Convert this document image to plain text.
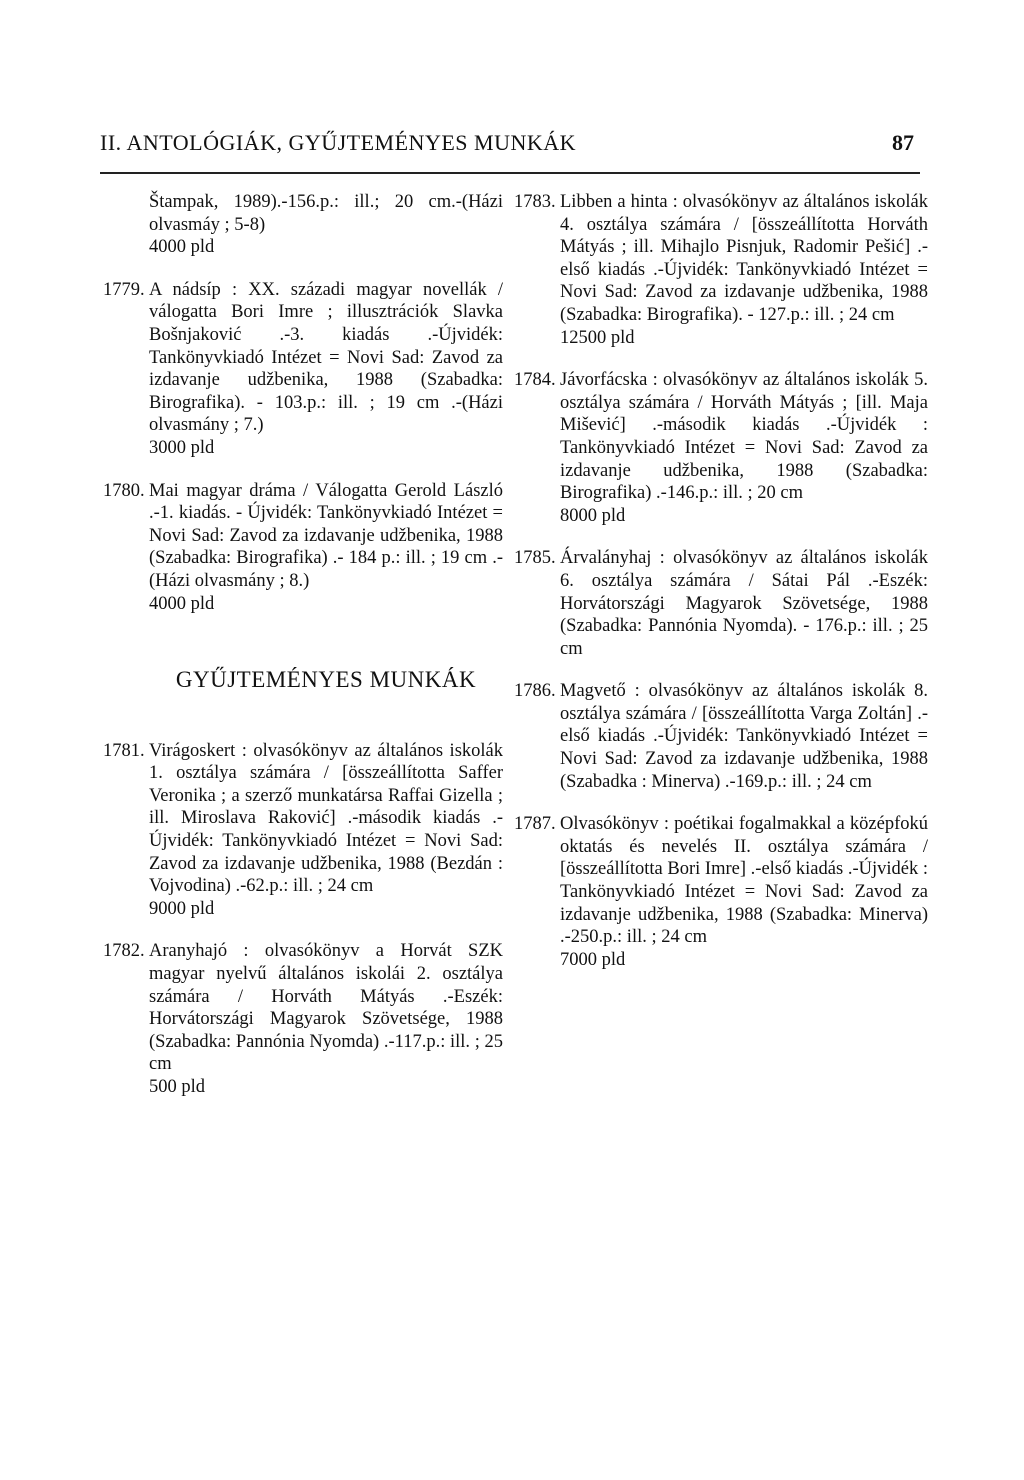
II. ANTOLÓGIÁK, GYŰJTEMÉNYES MUNKÁK	87
Štampak, 1989).-156.p.: ill.; 20 cm.-(Házi olvasmáy ; 5-8)
4000 pld
1779. A nádsíp : XX. századi magyar novellák / válogatta Bori Imre ; illusztrációk Slavka Bošnjaković .-3. kiadás .-Újvidék: Tankönyvkiadó Intézet = Novi Sad: Zavod za izdavanje udžbenika, 1988 (Szabadka: Birografika). - 103.p.: ill. ; 19 cm .-(Házi olvasmány ; 7.)
3000 pld
1780. Mai magyar dráma / Válogatta Gerold László .-1. kiadás. - Újvidék: Tankönyvkiadó Intézet = Novi Sad: Zavod za izdavanje udžbenika, 1988 (Szabadka: Birografika) .- 184 p.: ill. ; 19 cm .-(Házi olvasmány ; 8.)
4000 pld
GYŰJTEMÉNYES MUNKÁK
1781. Virágoskert : olvasókönyv az általános iskolák 1. osztálya számára / [összeállította Saffer Veronika ; a szerző munkatársa Raffai Gizella ; ill. Miroslava Raković] .-második kiadás .-Újvidék: Tankönyvkiadó Intézet = Novi Sad: Zavod za izdavanje udžbenika, 1988 (Bezdán : Vojvodina) .-62.p.: ill. ; 24 cm
9000 pld
1782. Aranyhajó : olvasókönyv a Horvát SZK magyar nyelvű általános iskolái 2. osztálya számára / Horváth Mátyás .-Eszék: Horvátországi Magyarok Szövetsége, 1988 (Szabadka: Pannónia Nyomda) .-117.p.: ill. ; 25 cm
500 pld
1783. Libben a hinta : olvasókönyv az általános iskolák 4. osztálya számára / [összeállította Horváth Mátyás ; ill. Mihajlo Pisnjuk, Radomir Pešić] .-első kiadás .-Újvidék: Tankönyvkiadó Intézet = Novi Sad: Zavod za izdavanje udžbenika, 1988 (Szabadka: Birografika). - 127.p.: ill. ; 24 cm
12500 pld
1784. Jávorfácska : olvasókönyv az általános iskolák 5. osztálya számára / Horváth Mátyás ; [ill. Maja Mišević] .-második kiadás .-Újvidék : Tankönyvkiadó Intézet = Novi Sad: Zavod za izdavanje udžbenika, 1988 (Szabadka: Birografika) .-146.p.: ill. ; 20 cm
8000 pld
1785. Árvalányhaj : olvasókönyv az általános iskolák 6. osztálya számára / Sátai Pál .-Eszék: Horvátországi Magyarok Szövetsége, 1988 (Szabadka: Pannónia Nyomda). - 176.p.: ill. ; 25 cm
1786. Magvető : olvasókönyv az általános iskolák 8. osztálya számára / [összeállította Varga Zoltán] .-első kiadás .-Újvidék: Tankönyvkiadó Intézet = Novi Sad: Zavod za izdavanje udžbenika, 1988 (Szabadka : Minerva) .-169.p.: ill. ; 24 cm
1787. Olvasókönyv : poétikai fogalmakkal a középfokú oktatás és nevelés II. osztálya számára / [összeállította Bori Imre] .-első kiadás .-Újvidék : Tankönyvkiadó Intézet = Novi Sad: Zavod za izdavanje udžbenika, 1988 (Szabadka: Minerva) .-250.p.: ill. ; 24 cm
7000 pld
